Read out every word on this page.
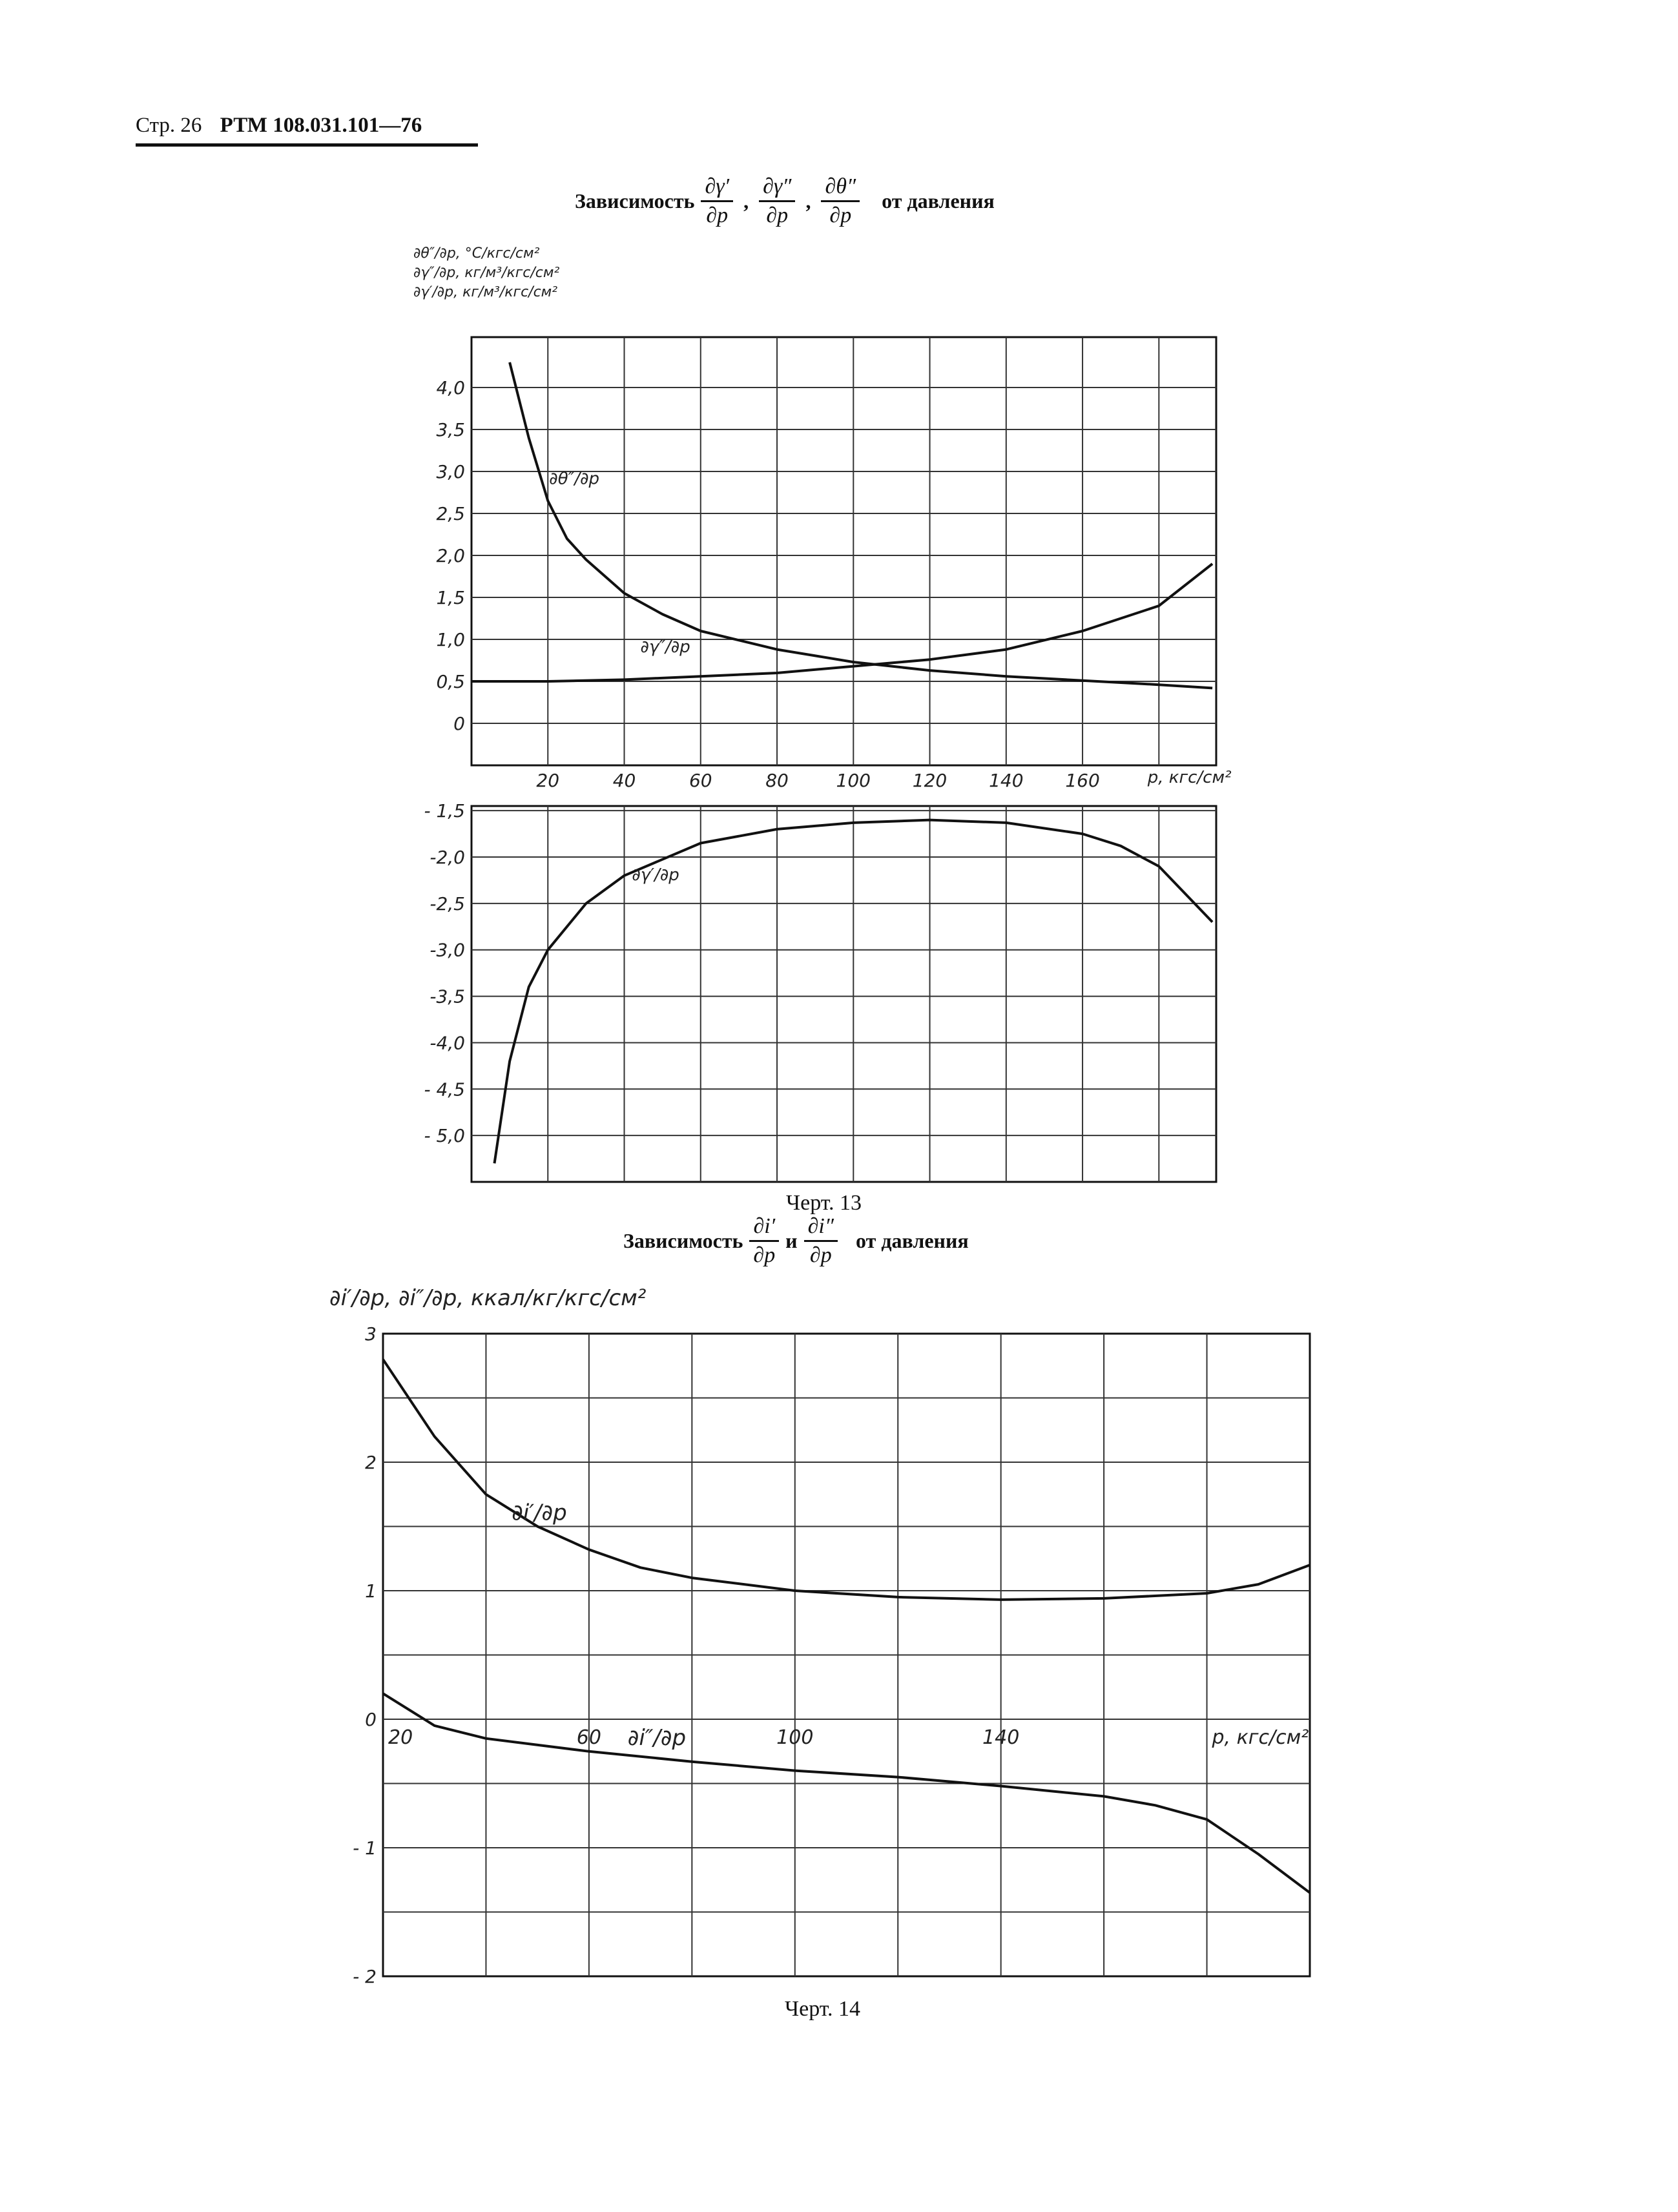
Стр. 26 РТМ 108.031.101—76
Зависимость $\frac{\partial\gamma'}{\partial p}$ , $\frac{\partial\gamma''}{\partial p}$ , $\frac{\partial\theta''}{\partial p}$ от давления
∂θ″/∂p, °С/кгс/см²
∂γ″/∂p, кг/м³/кгс/см²
∂γ′/∂p, кг/м³/кгс/см²
0
0,5
1,0
1,5
2,0
2,5
3,0
3,5
4,0
20	40	60	80	100 120 140 160	p, кгс/см²
∂θ″/∂p
∂γ″/∂p
- 1,5
-2,0
-2,5
-3,0
-3,5
-4,0
- 4,5
- 5,0
∂γ′/∂p
3
2
1
0
- 1
- 2
20	60	100	140	p, кгс/см²
∂i′/∂p
∂i″/∂p
Черт. 13
Зависимость $\frac{\partial i'}{\partial p}$ и $\frac{\partial i''}{\partial p}$ от давления
∂i′/∂p, ∂i″/∂p, ккал/кг/кгс/см²
Черт. 14
